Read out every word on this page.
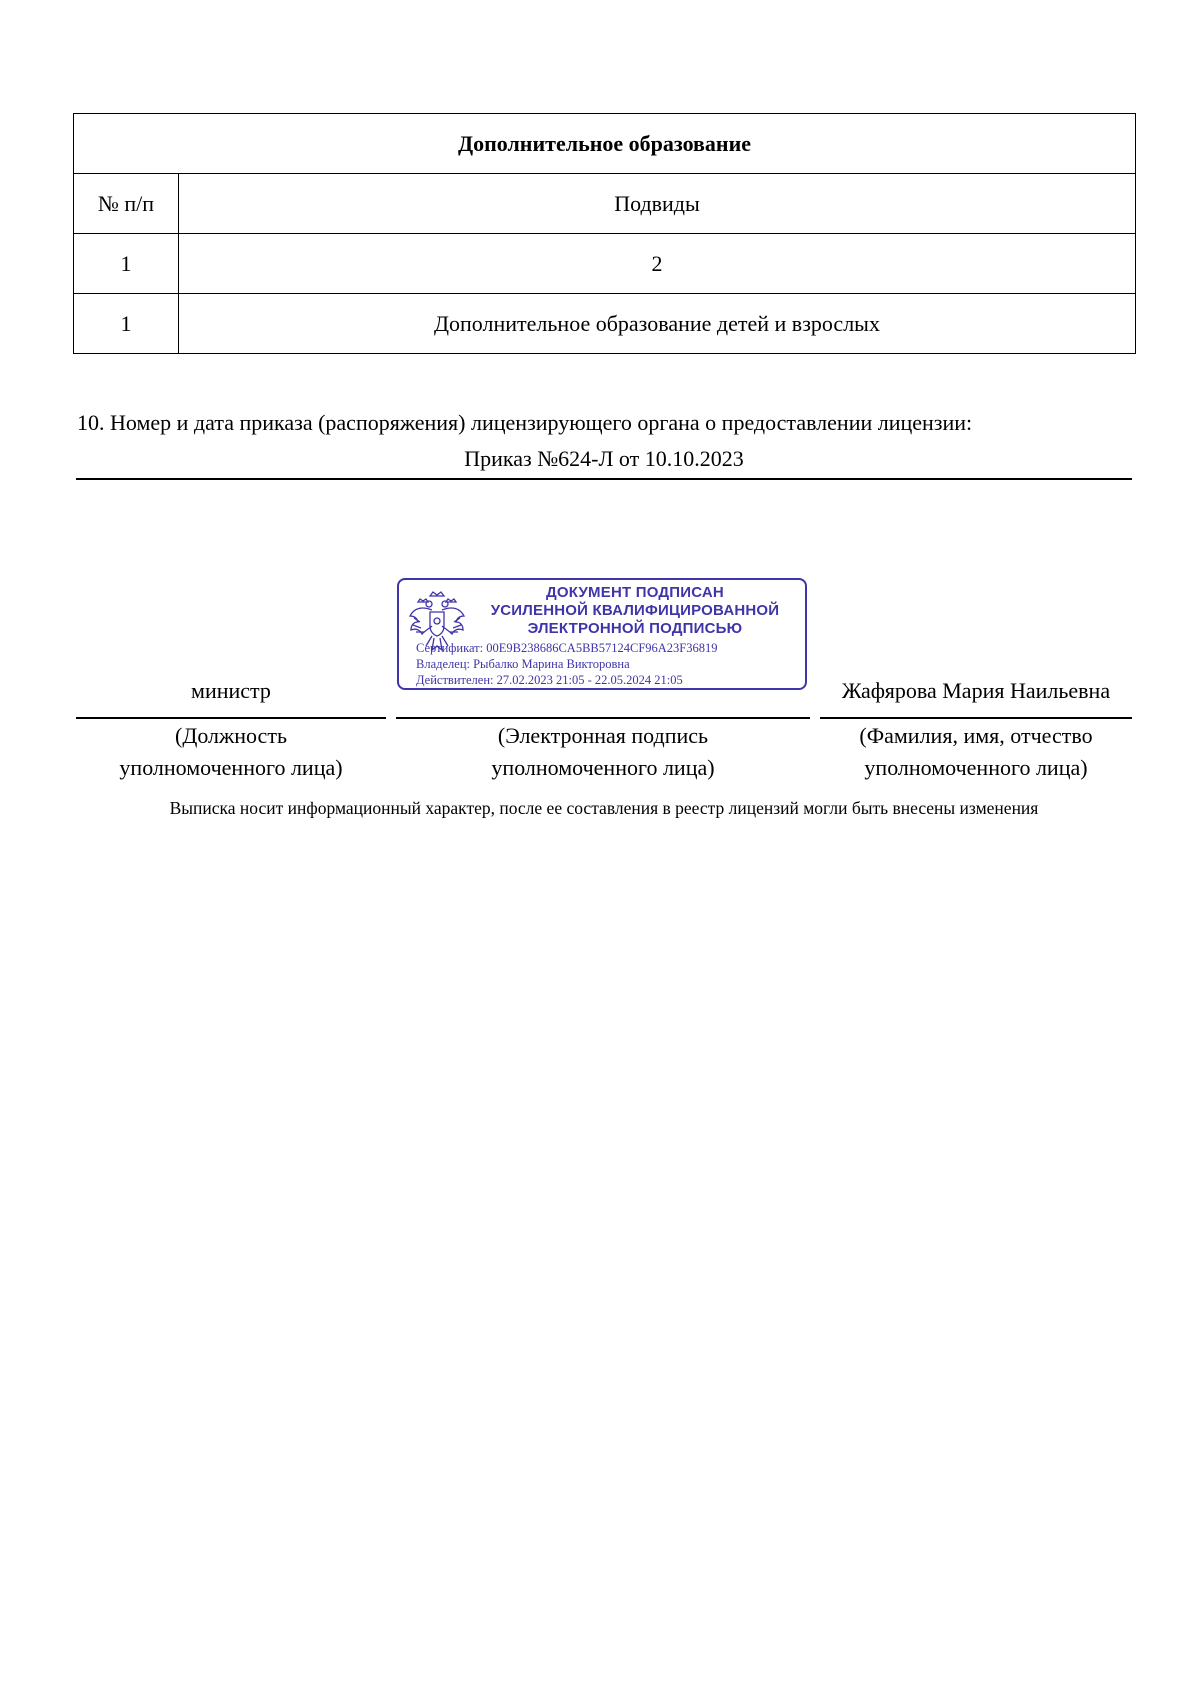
Дополнительное образование	
№ п/п	Подвиды
1	2
1	Дополнительное образование детей и взрослых
10. Номер и дата приказа (распоряжения) лицензирующего органа о предоставлении лицензии:
Приказ №624-Л от 10.10.2023
ДОКУМЕНТ ПОДПИСАН
УСИЛЕННОЙ КВАЛИФИЦИРОВАННОЙ
ЭЛЕКТРОННОЙ ПОДПИСЬЮ
Сертификат: 00E9B238686CA5BB57124CF96A23F36819
Владелец: Рыбалко Марина Викторовна
Действителен: 27.02.2023 21:05 - 22.05.2024 21:05
министр	Жафярова Мария Наильевна
(Должность
уполномоченного лица)
(Электронная подпись
уполномоченного лица)
(Фамилия, имя, отчество
уполномоченного лица)
Выписка носит информационный характер, после ее составления в реестр лицензий могли быть внесены изменения
